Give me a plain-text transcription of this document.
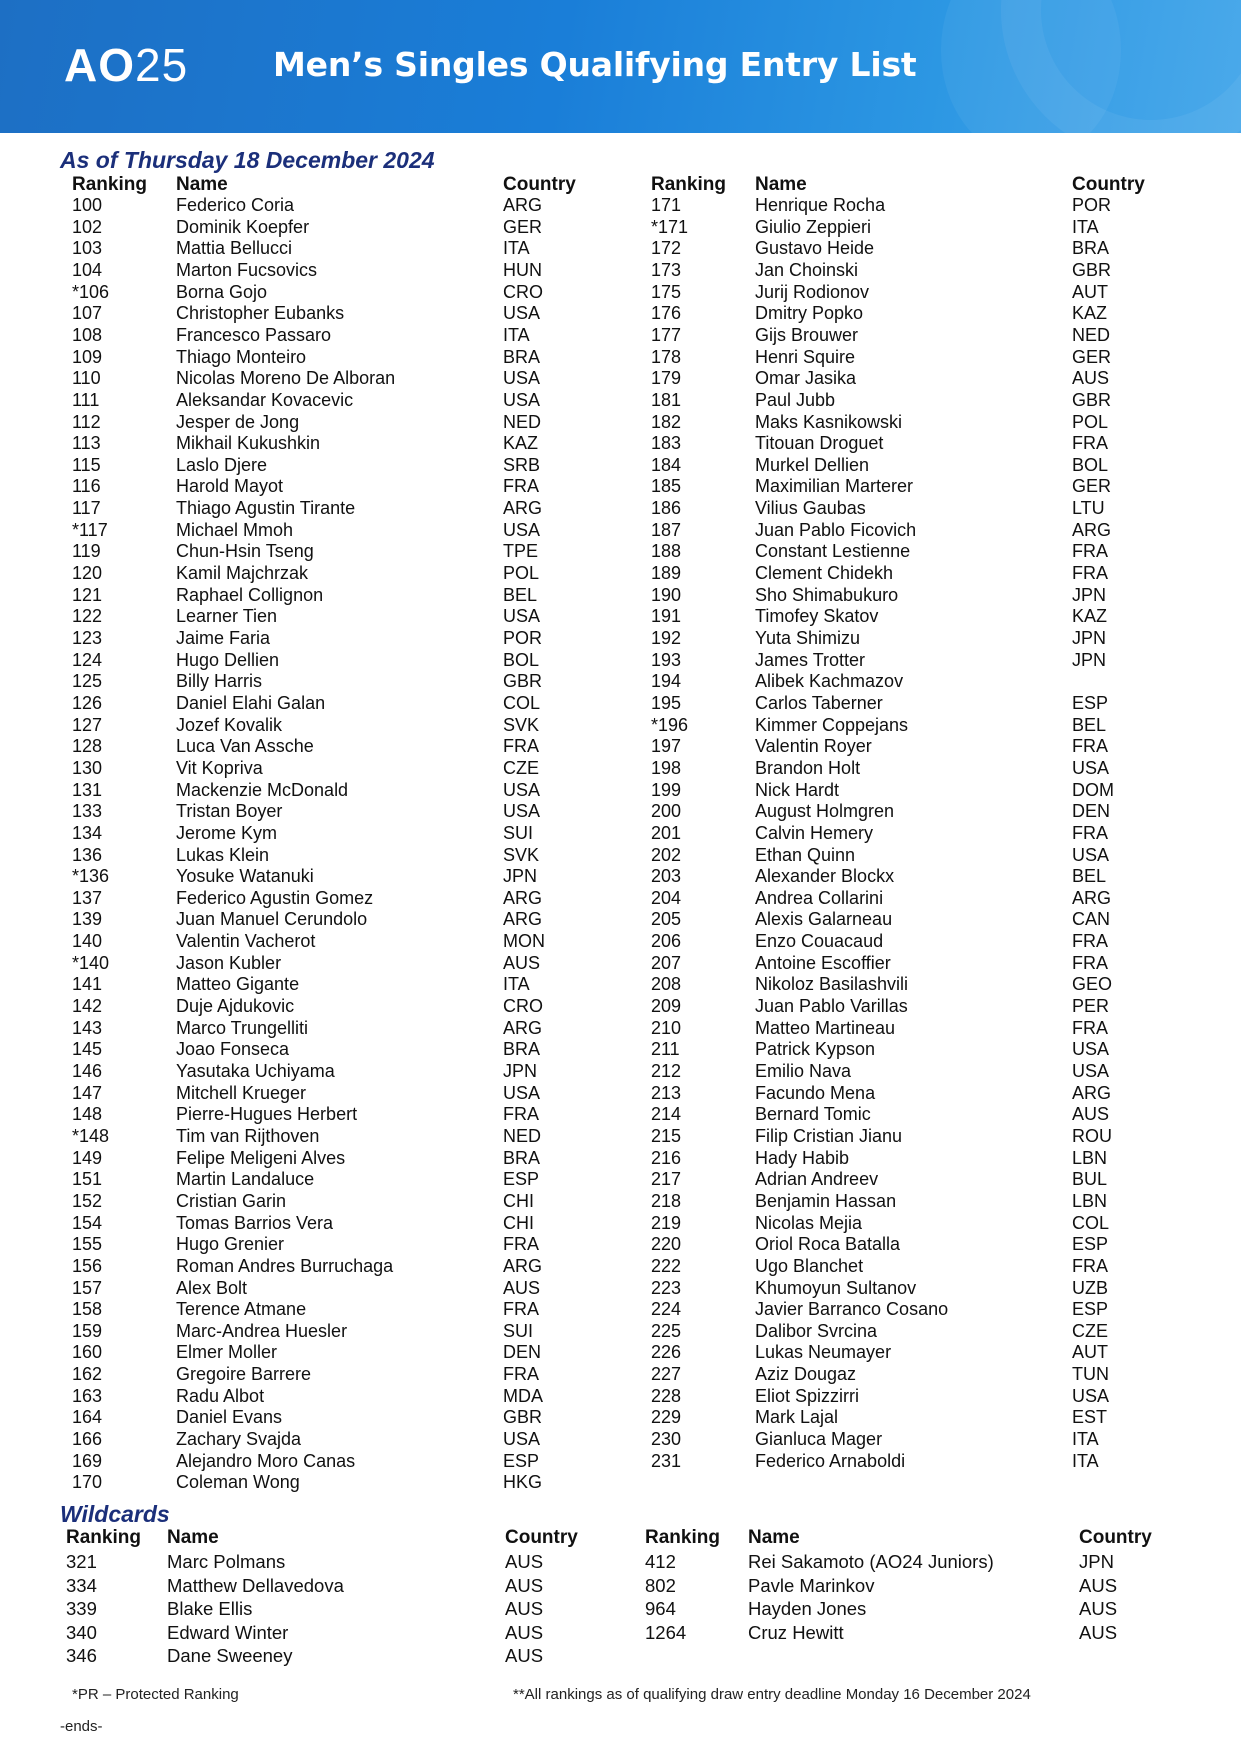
AO25	Men’s Singles Qualifying Entry List
As of Thursday 18 December 2024
Ranking Name	Country	Ranking Name	Country
100	Federico Coria	ARG
102	Dominik Koepfer	GER
103	Mattia Bellucci	ITA
104	Marton Fucsovics	HUN
*106	Borna Gojo	CRO
107	Christopher Eubanks	USA
108	Francesco Passaro	ITA
109	Thiago Monteiro	BRA
110	Nicolas Moreno De Alboran	USA
111	Aleksandar Kovacevic	USA
112	Jesper de Jong	NED
113	Mikhail Kukushkin	KAZ
115	Laslo Djere	SRB
116	Harold Mayot	FRA
117	Thiago Agustin Tirante	ARG
*117	Michael Mmoh	USA
119	Chun-Hsin Tseng	TPE
120	Kamil Majchrzak	POL
121	Raphael Collignon	BEL
122	Learner Tien	USA
123	Jaime Faria	POR
124	Hugo Dellien	BOL
125	Billy Harris	GBR
126	Daniel Elahi Galan	COL
127	Jozef Kovalik	SVK
128	Luca Van Assche	FRA
130	Vit Kopriva	CZE
131	Mackenzie McDonald	USA
133	Tristan Boyer	USA
134	Jerome Kym	SUI
136	Lukas Klein	SVK
*136	Yosuke Watanuki	JPN
137	Federico Agustin Gomez	ARG
139	Juan Manuel Cerundolo	ARG
140	Valentin Vacherot	MON
*140	Jason Kubler	AUS
141	Matteo Gigante	ITA
142	Duje Ajdukovic	CRO
143	Marco Trungelliti	ARG
145	Joao Fonseca	BRA
146	Yasutaka Uchiyama	JPN
147	Mitchell Krueger	USA
148	Pierre-Hugues Herbert	FRA
*148	Tim van Rijthoven	NED
149	Felipe Meligeni Alves	BRA
151	Martin Landaluce	ESP
152	Cristian Garin	CHI
154	Tomas Barrios Vera	CHI
155	Hugo Grenier	FRA
156	Roman Andres Burruchaga	ARG
157	Alex Bolt	AUS
158	Terence Atmane	FRA
159	Marc-Andrea Huesler	SUI
160	Elmer Moller	DEN
162	Gregoire Barrere	FRA
163	Radu Albot	MDA
164	Daniel Evans	GBR
166	Zachary Svajda	USA
169	Alejandro Moro Canas	ESP
170	Coleman Wong	HKG
171	Henrique Rocha	POR
*171	Giulio Zeppieri	ITA
172	Gustavo Heide	BRA
173	Jan Choinski	GBR
175	Jurij Rodionov	AUT
176	Dmitry Popko	KAZ
177	Gijs Brouwer	NED
178	Henri Squire	GER
179	Omar Jasika	AUS
181	Paul Jubb	GBR
182	Maks Kasnikowski	POL
183	Titouan Droguet	FRA
184	Murkel Dellien	BOL
185	Maximilian Marterer	GER
186	Vilius Gaubas	LTU
187	Juan Pablo Ficovich	ARG
188	Constant Lestienne	FRA
189	Clement Chidekh	FRA
190	Sho Shimabukuro	JPN
191	Timofey Skatov	KAZ
192	Yuta Shimizu	JPN
193	James Trotter	JPN
194	Alibek Kachmazov
195	Carlos Taberner	ESP
*196	Kimmer Coppejans	BEL
197	Valentin Royer	FRA
198	Brandon Holt	USA
199	Nick Hardt	DOM
200	August Holmgren	DEN
201	Calvin Hemery	FRA
202	Ethan Quinn	USA
203	Alexander Blockx	BEL
204	Andrea Collarini	ARG
205	Alexis Galarneau	CAN
206	Enzo Couacaud	FRA
207	Antoine Escoffier	FRA
208	Nikoloz Basilashvili	GEO
209	Juan Pablo Varillas	PER
210	Matteo Martineau	FRA
211	Patrick Kypson	USA
212	Emilio Nava	USA
213	Facundo Mena	ARG
214	Bernard Tomic	AUS
215	Filip Cristian Jianu	ROU
216	Hady Habib	LBN
217	Adrian Andreev	BUL
218	Benjamin Hassan	LBN
219	Nicolas Mejia	COL
220	Oriol Roca Batalla	ESP
222	Ugo Blanchet	FRA
223	Khumoyun Sultanov	UZB
224	Javier Barranco Cosano	ESP
225	Dalibor Svrcina	CZE
226	Lukas Neumayer	AUT
227	Aziz Dougaz	TUN
228	Eliot Spizzirri	USA
229	Mark Lajal	EST
230	Gianluca Mager	ITA
231	Federico Arnaboldi	ITA
Wildcards
Ranking Name	Country	Ranking Name	Country
321	Marc Polmans	AUS
334	Matthew Dellavedova	AUS
339	Blake Ellis	AUS
340	Edward Winter	AUS
346	Dane Sweeney	AUS
412	Rei Sakamoto (AO24 Juniors)	JPN
802	Pavle Marinkov	AUS
964	Hayden Jones	AUS
1264	Cruz Hewitt	AUS
*PR – Protected Ranking	**All rankings as of qualifying draw entry deadline Monday 16 December 2024
-ends-
